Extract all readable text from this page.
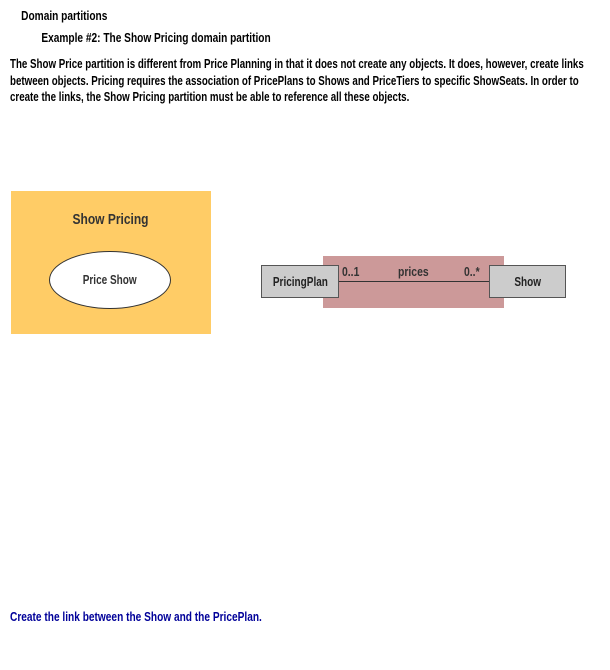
Domain partitions
Example #2: The Show Pricing domain partition

The Show Price partition is different from Price Planning in that it does not create any objects. It does, however, create links between objects. Pricing requires the association of PricePlans to Shows and PriceTiers to specific ShowSeats. In order to create the links, the Show Pricing partition must be able to reference all these objects.

Show Pricing
Price Show	PricingPlan	Show
0..1	prices	0..*
Create the link between the Show and the PricePlan.
